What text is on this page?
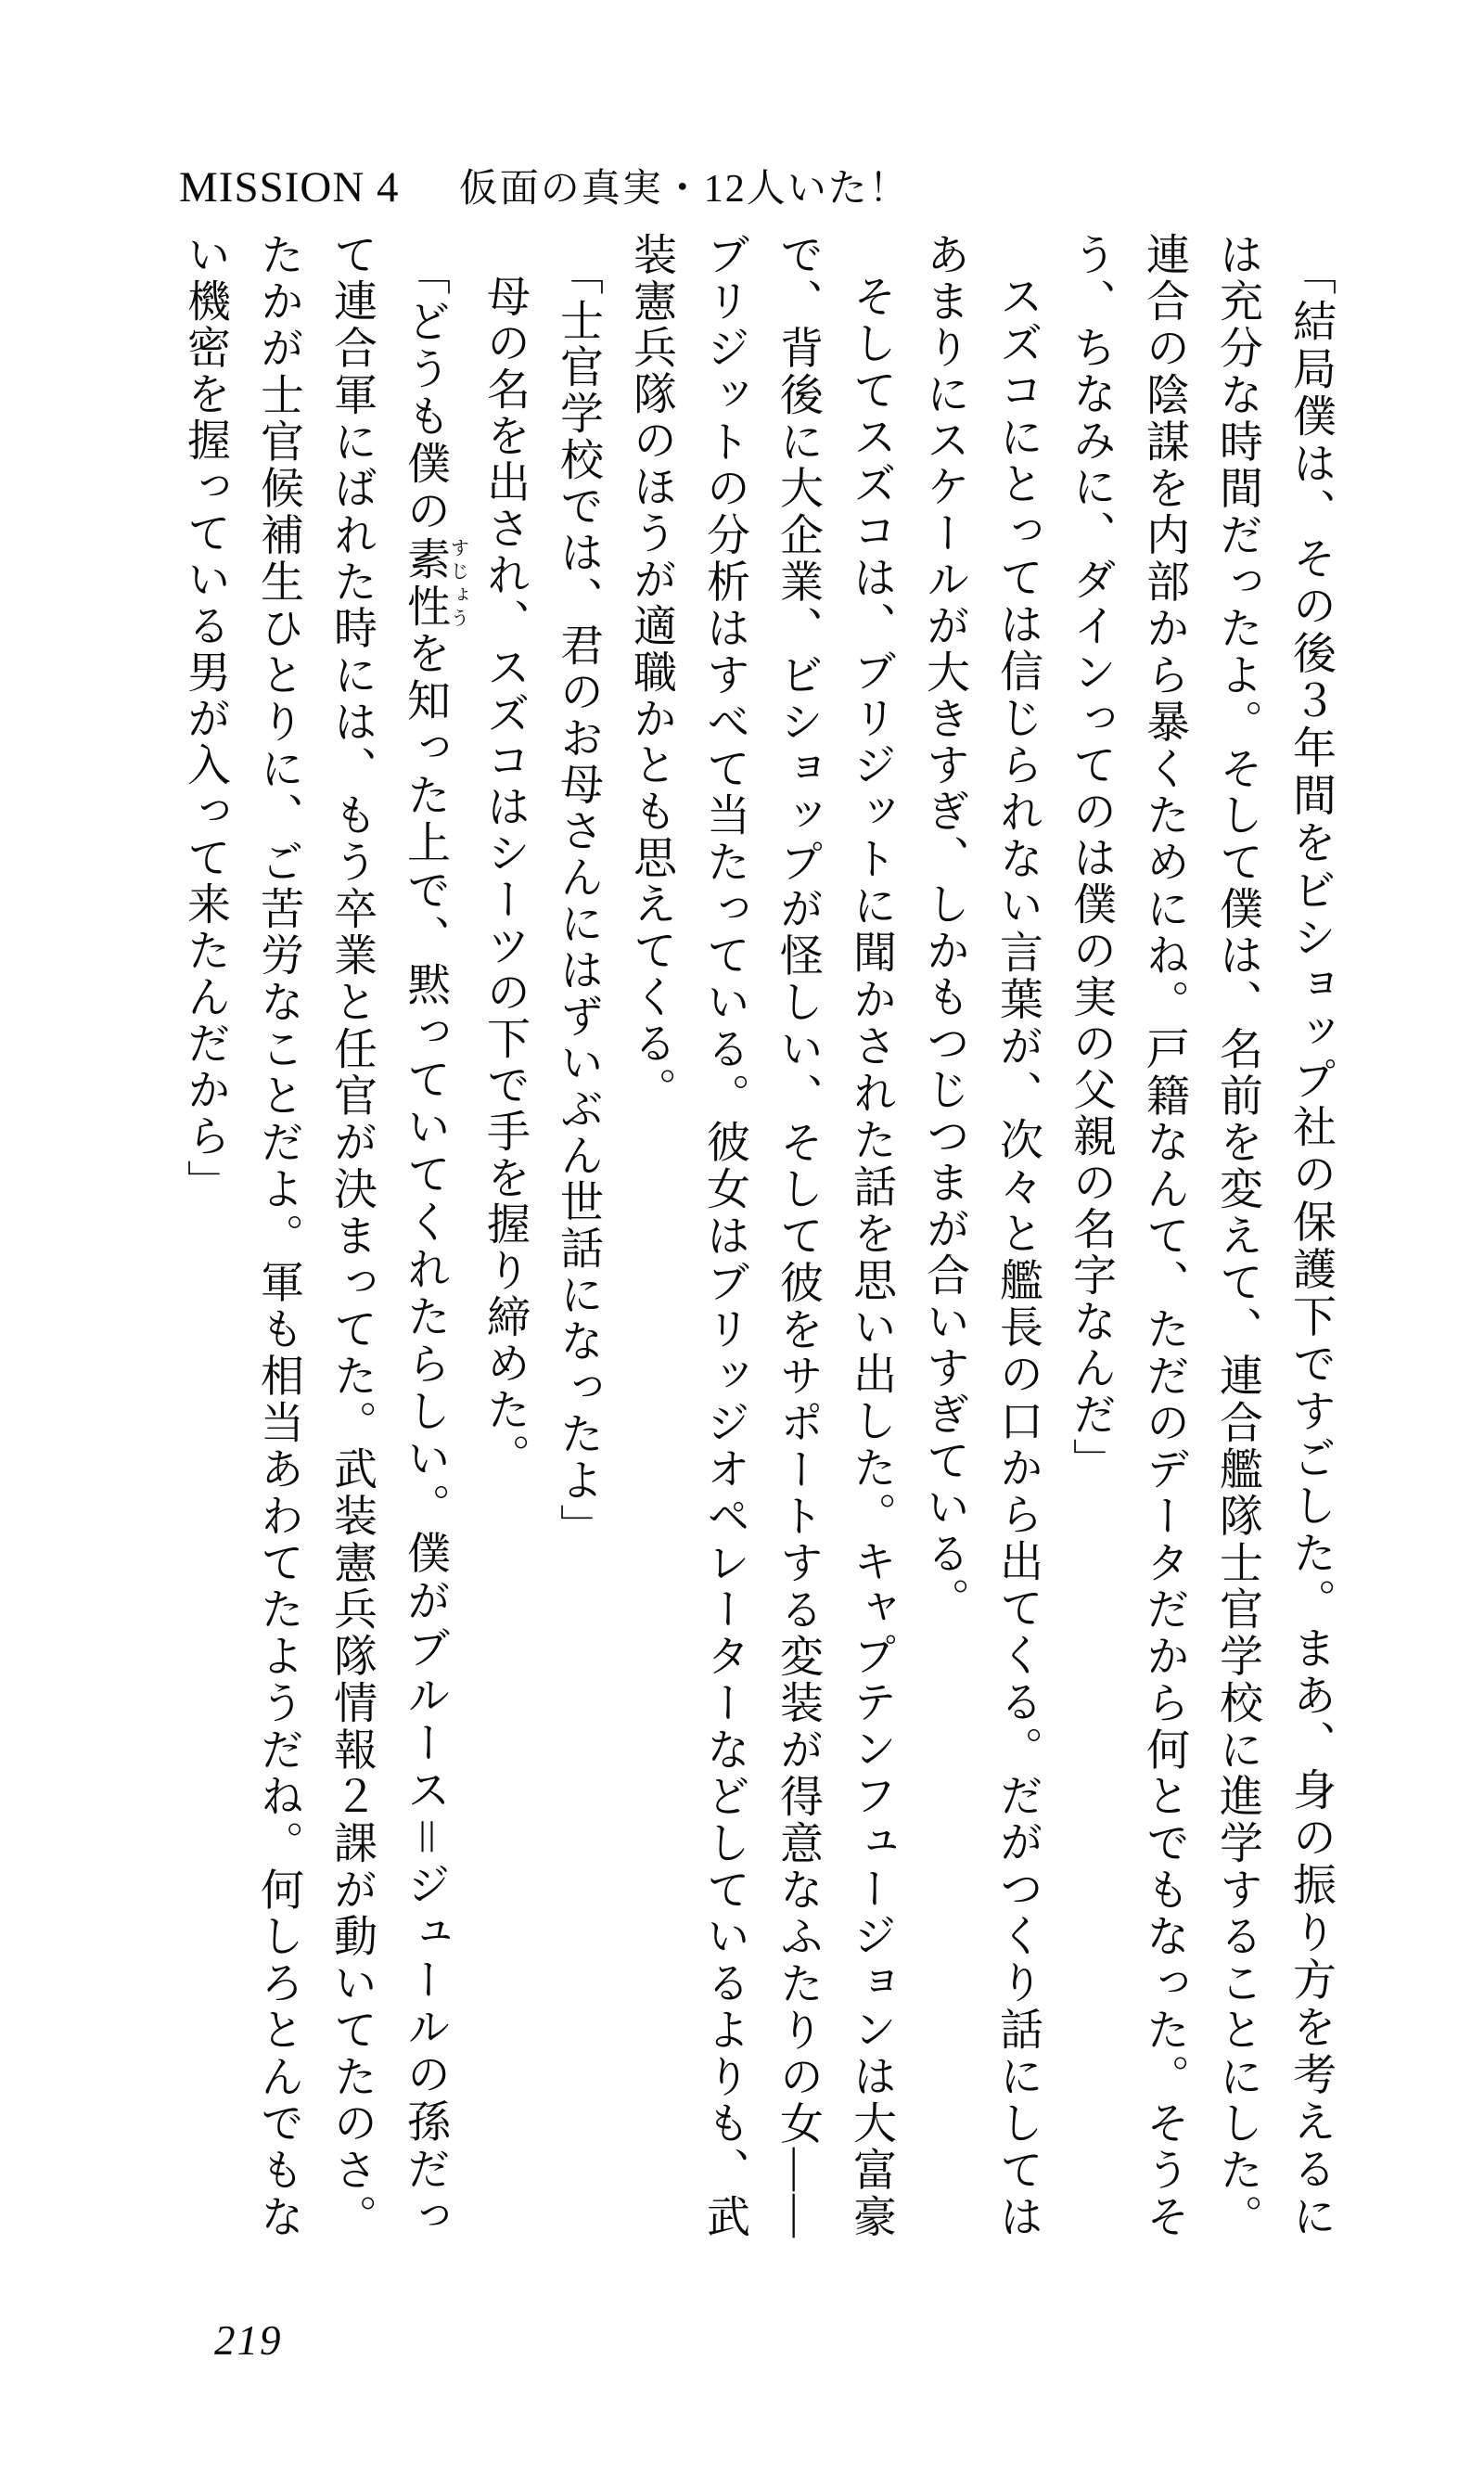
MISSION 4 仮面の真実・12人いた！

「結局僕は、その後３年間をビショップ社の保護下ですごした。まあ、身の振り方を考えるには充分な時間だったよ。そして僕は、名前を変えて、連合艦隊士官学校に進学することにした。連合の陰謀を内部から暴くためにね。戸籍なんて、ただのデータだから何とでもなった。そうそう、ちなみに、ダインってのは僕の実の父親の名字なんだ」

スズコにとっては信じられない言葉が、次々と艦長の口から出てくる。だがつくり話にしてはあまりにスケールが大きすぎ、しかもつじつまが合いすぎている。

そしてスズコは、ブリジットに聞かされた話を思い出した。キャプテンフュージョンは大富豪で、背後に大企業、ビショップが怪しい、そして彼をサポートする変装が得意なふたりの女――ブリジットの分析はすべて当たっている。彼女はブリッジオペレーターなどしているよりも、武装憲兵隊のほうが適職かとも思えてくる。

「士官学校では、君のお母さんにはずいぶん世話になったよ」

母の名を出され、スズコはシーツの下で手を握り締めた。

「どうも僕の素性すじょうを知った上で、黙っていてくれたらしい。僕がブルース＝ジュールの孫だって連合軍にばれた時には、もう卒業と任官が決まってた。武装憲兵隊情報２課が動いてたのさ。たかが士官候補生ひとりに、ご苦労なことだよ。軍も相当あわてたようだね。何しろとんでもない機密を握っている男が入って来たんだから」

219
